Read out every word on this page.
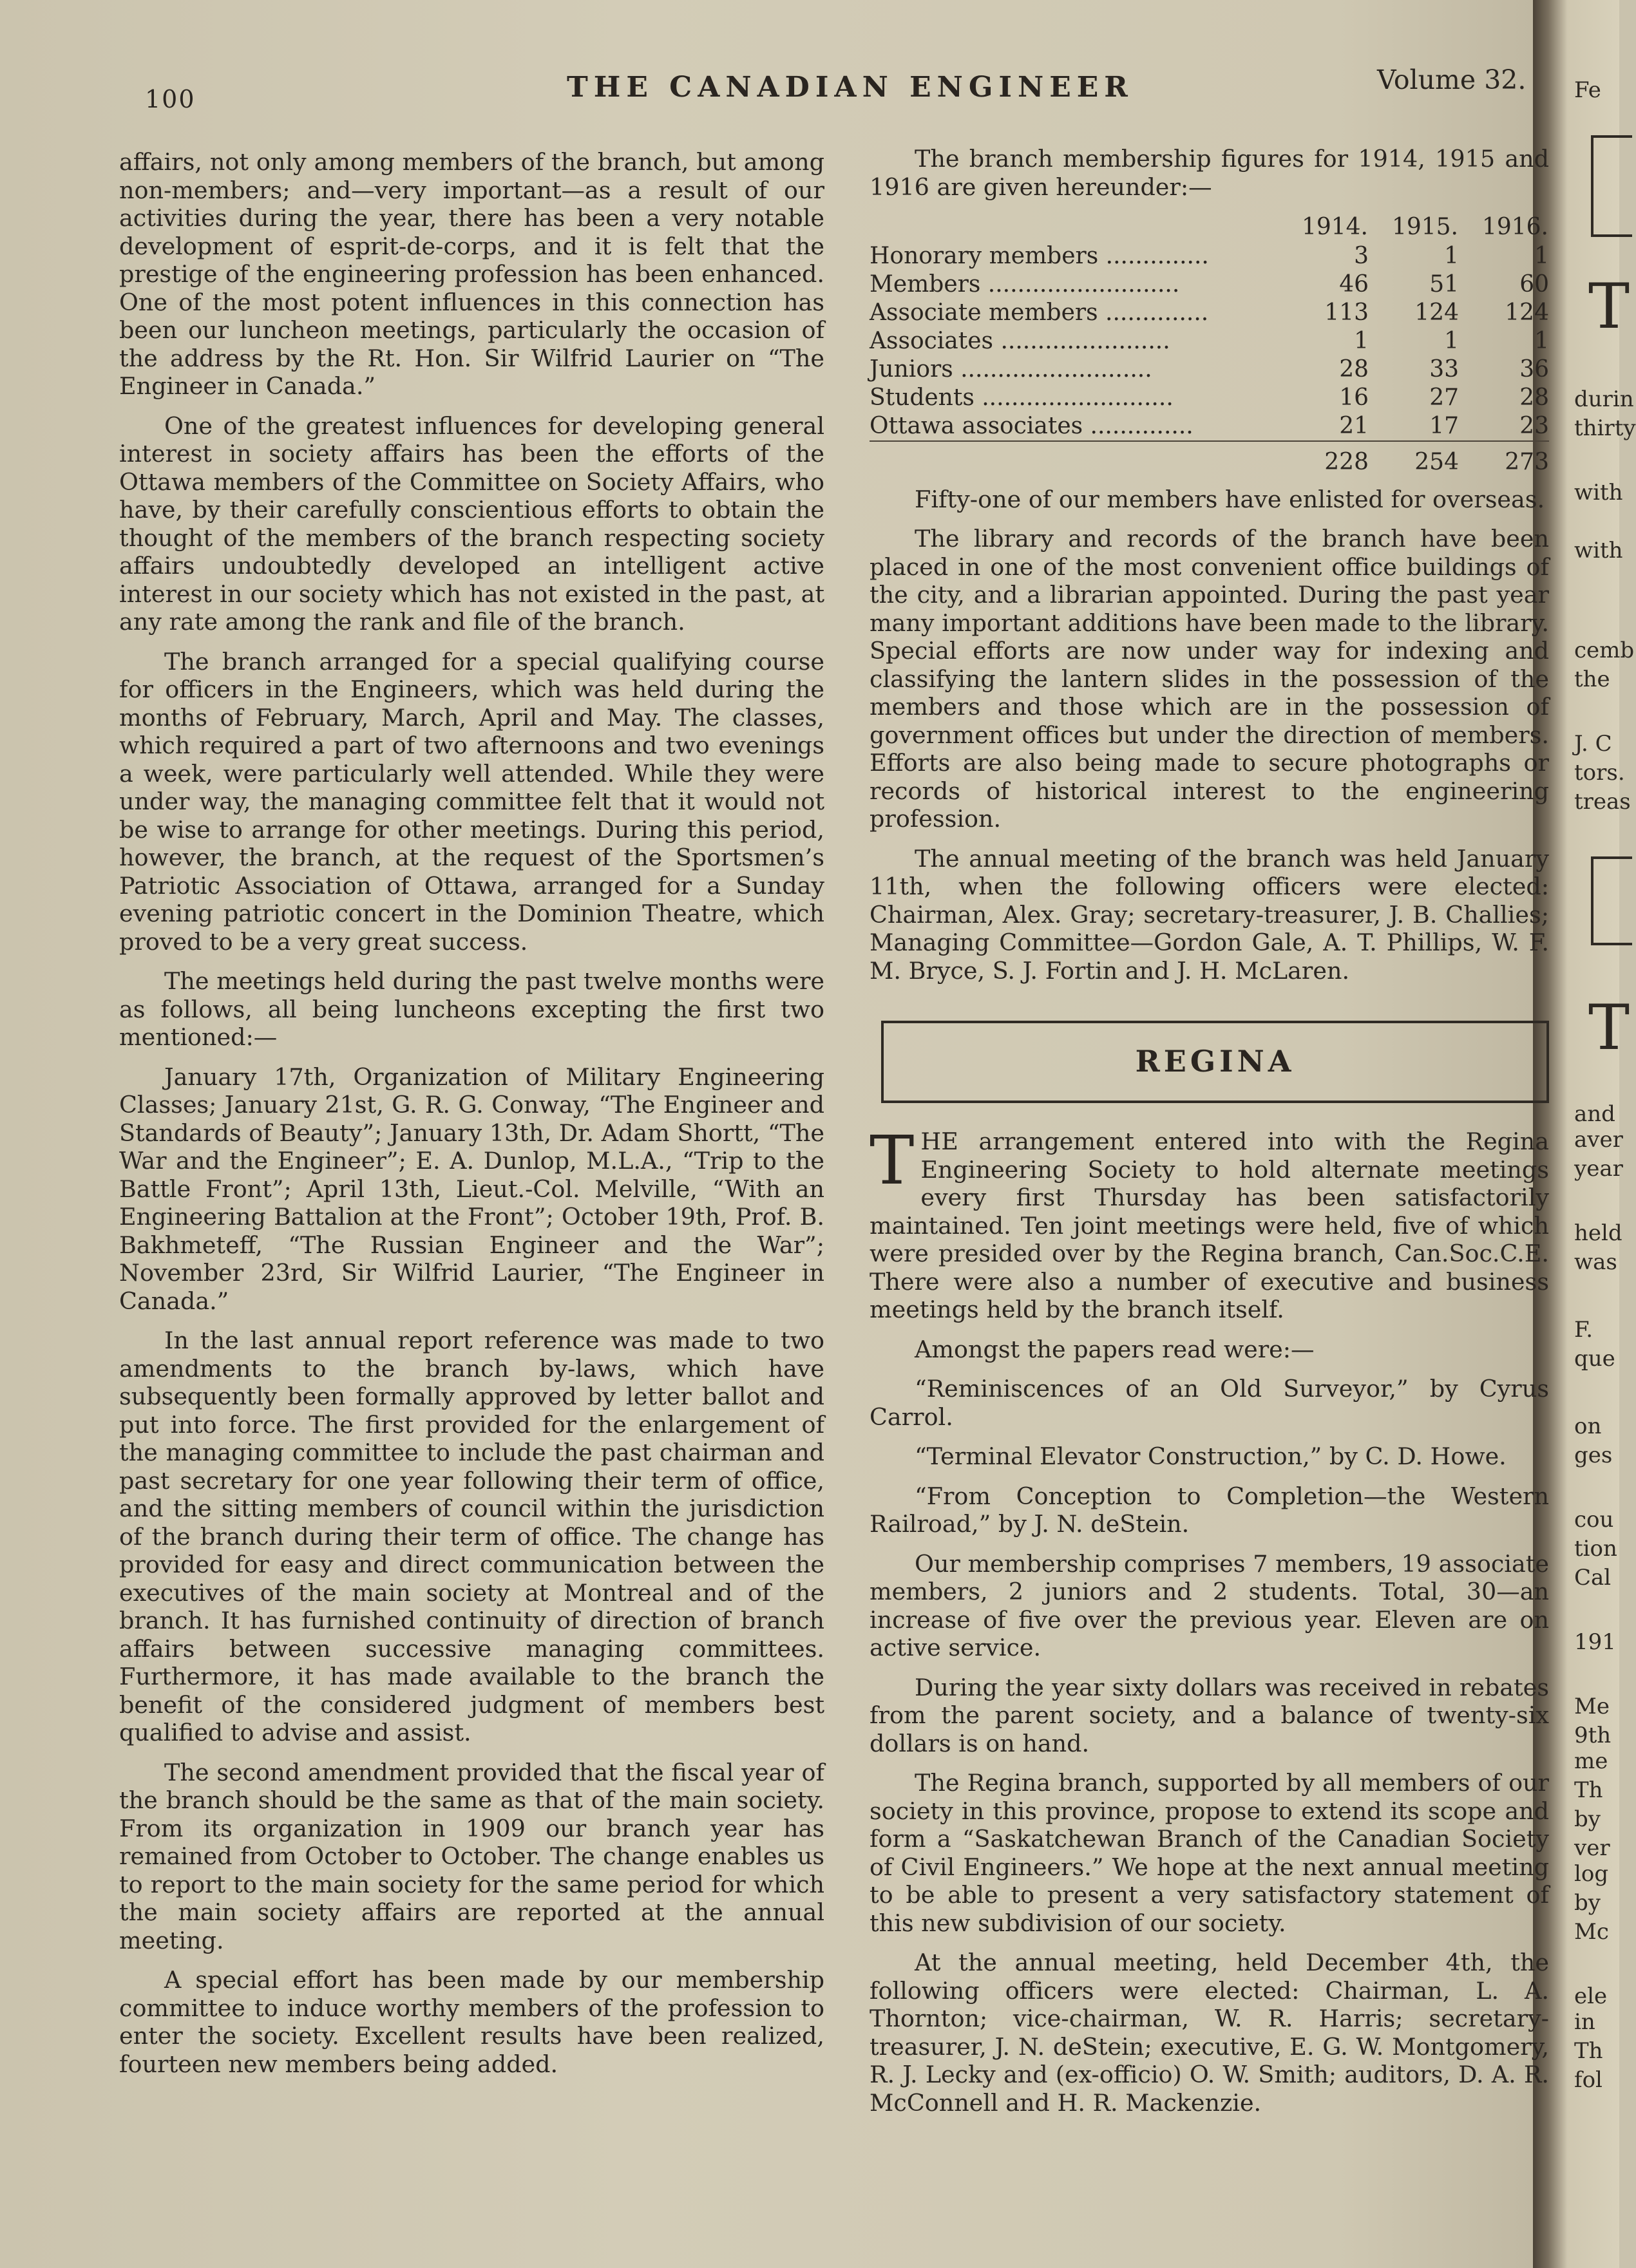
100	THE CANADIAN ENGINEER	Volume 32.

affairs, not only among members of the branch, but among non-members; and—very important—as a result of our activities during the year, there has been a very notable development of esprit-de-corps, and it is felt that the prestige of the engineering profession has been enhanced. One of the most potent influences in this connection has been our luncheon meetings, particularly the occasion of the address by the Rt. Hon. Sir Wilfrid Laurier on “The Engineer in Canada.”

One of the greatest influences for developing general interest in society affairs has been the efforts of the Ottawa members of the Committee on Society Affairs, who have, by their carefully conscientious efforts to obtain the thought of the members of the branch respecting society affairs undoubtedly developed an intelligent active interest in our society which has not existed in the past, at any rate among the rank and file of the branch.

The branch arranged for a special qualifying course for officers in the Engineers, which was held during the months of February, March, April and May. The classes, which required a part of two afternoons and two evenings a week, were particularly well attended. While they were under way, the managing committee felt that it would not be wise to arrange for other meetings. During this period, however, the branch, at the request of the Sportsmen’s Patriotic Association of Ottawa, arranged for a Sunday evening patriotic concert in the Dominion Theatre, which proved to be a very great success.

The meetings held during the past twelve months were as follows, all being luncheons excepting the first two mentioned:—

January 17th, Organization of Military Engineering Classes; January 21st, G. R. G. Conway, “The Engineer and Standards of Beauty”; January 13th, Dr. Adam Shortt, “The War and the Engineer”; E. A. Dunlop, M.L.A., “Trip to the Battle Front”; April 13th, Lieut.-Col. Melville, “With an Engineering Battalion at the Front”; October 19th, Prof. B. Bakhmeteff, “The Russian Engineer and the War”; November 23rd, Sir Wilfrid Laurier, “The Engineer in Canada.”

In the last annual report reference was made to two amendments to the branch by-laws, which have subsequently been formally approved by letter ballot and put into force. The first provided for the enlargement of the managing committee to include the past chairman and past secretary for one year following their term of office, and the sitting members of council within the jurisdiction of the branch during their term of office. The change has provided for easy and direct communication between the executives of the main society at Montreal and of the branch. It has furnished continuity of direction of branch affairs between successive managing committees. Furthermore, it has made available to the branch the benefit of the considered judgment of members best qualified to advise and assist.

The second amendment provided that the fiscal year of the branch should be the same as that of the main society. From its organization in 1909 our branch year has remained from October to October. The change enables us to report to the main society for the same period for which the main society affairs are reported at the annual meeting.

A special effort has been made by our membership committee to induce worthy members of the profession to enter the society. Excellent results have been realized, fourteen new members being added.

The branch membership figures for 1914, 1915 and 1916 are given hereunder:—

	1914.	1915.	1916.
Honorary members ..............	3	1	1
Members ..........................	46	51	60
Associate members ..............	113	124	124
Associates .......................	1	1	1
Juniors ..........................	28	33	36
Students ..........................	16	27	28
Ottawa associates ..............	21	17	23
	228	254	273

Fifty-one of our members have enlisted for overseas.

The library and records of the branch have been placed in one of the most convenient office buildings of the city, and a librarian appointed. During the past year many important additions have been made to the library. Special efforts are now under way for indexing and classifying the lantern slides in the possession of the members and those which are in the possession of government offices but under the direction of members. Efforts are also being made to secure photographs or records of historical interest to the engineering profession.

The annual meeting of the branch was held January 11th, when the following officers were elected: Chairman, Alex. Gray; secretary-treasurer, J. B. Challies; Managing Committee—Gordon Gale, A. T. Phillips, W. F. M. Bryce, S. J. Fortin and J. H. McLaren.

REGINA

THE arrangement entered into with the Regina Engineering Society to hold alternate meetings every first Thursday has been satisfactorily maintained. Ten joint meetings were held, five of which were presided over by the Regina branch, Can.Soc.C.E. There were also a number of executive and business meetings held by the branch itself.

Amongst the papers read were:—

“Reminiscences of an Old Surveyor,” by Cyrus Carrol.

“Terminal Elevator Construction,” by C. D. Howe.

“From Conception to Completion—the Western Railroad,” by J. N. deStein.

Our membership comprises 7 members, 19 associate members, 2 juniors and 2 students. Total, 30—an increase of five over the previous year. Eleven are on active service.

During the year sixty dollars was received in rebates from the parent society, and a balance of twenty-six dollars is on hand.

The Regina branch, supported by all members of our society in this province, propose to extend its scope and form a “Saskatchewan Branch of the Canadian Society of Civil Engineers.” We hope at the next annual meeting to be able to present a very satisfactory statement of this new subdivision of our society.

At the annual meeting, held December 4th, the following officers were elected: Chairman, L. A. Thornton; vice-chairman, W. R. Harris; secretary-treasurer, J. N. deStein; executive, E. G. W. Montgomery, R. J. Lecky and (ex-officio) O. W. Smith; auditors, D. A. R. McConnell and H. R. Mackenzie.

Fe
T
durin
thirty
with
with
cemb
the
J. C
tors.
treas
T
and
aver
year
held
was
F.
que
on
ges
cou
tion
Cal
191
Me
9th
me
Th
by
ver
log
by
Mc
ele
in
Th
fol
